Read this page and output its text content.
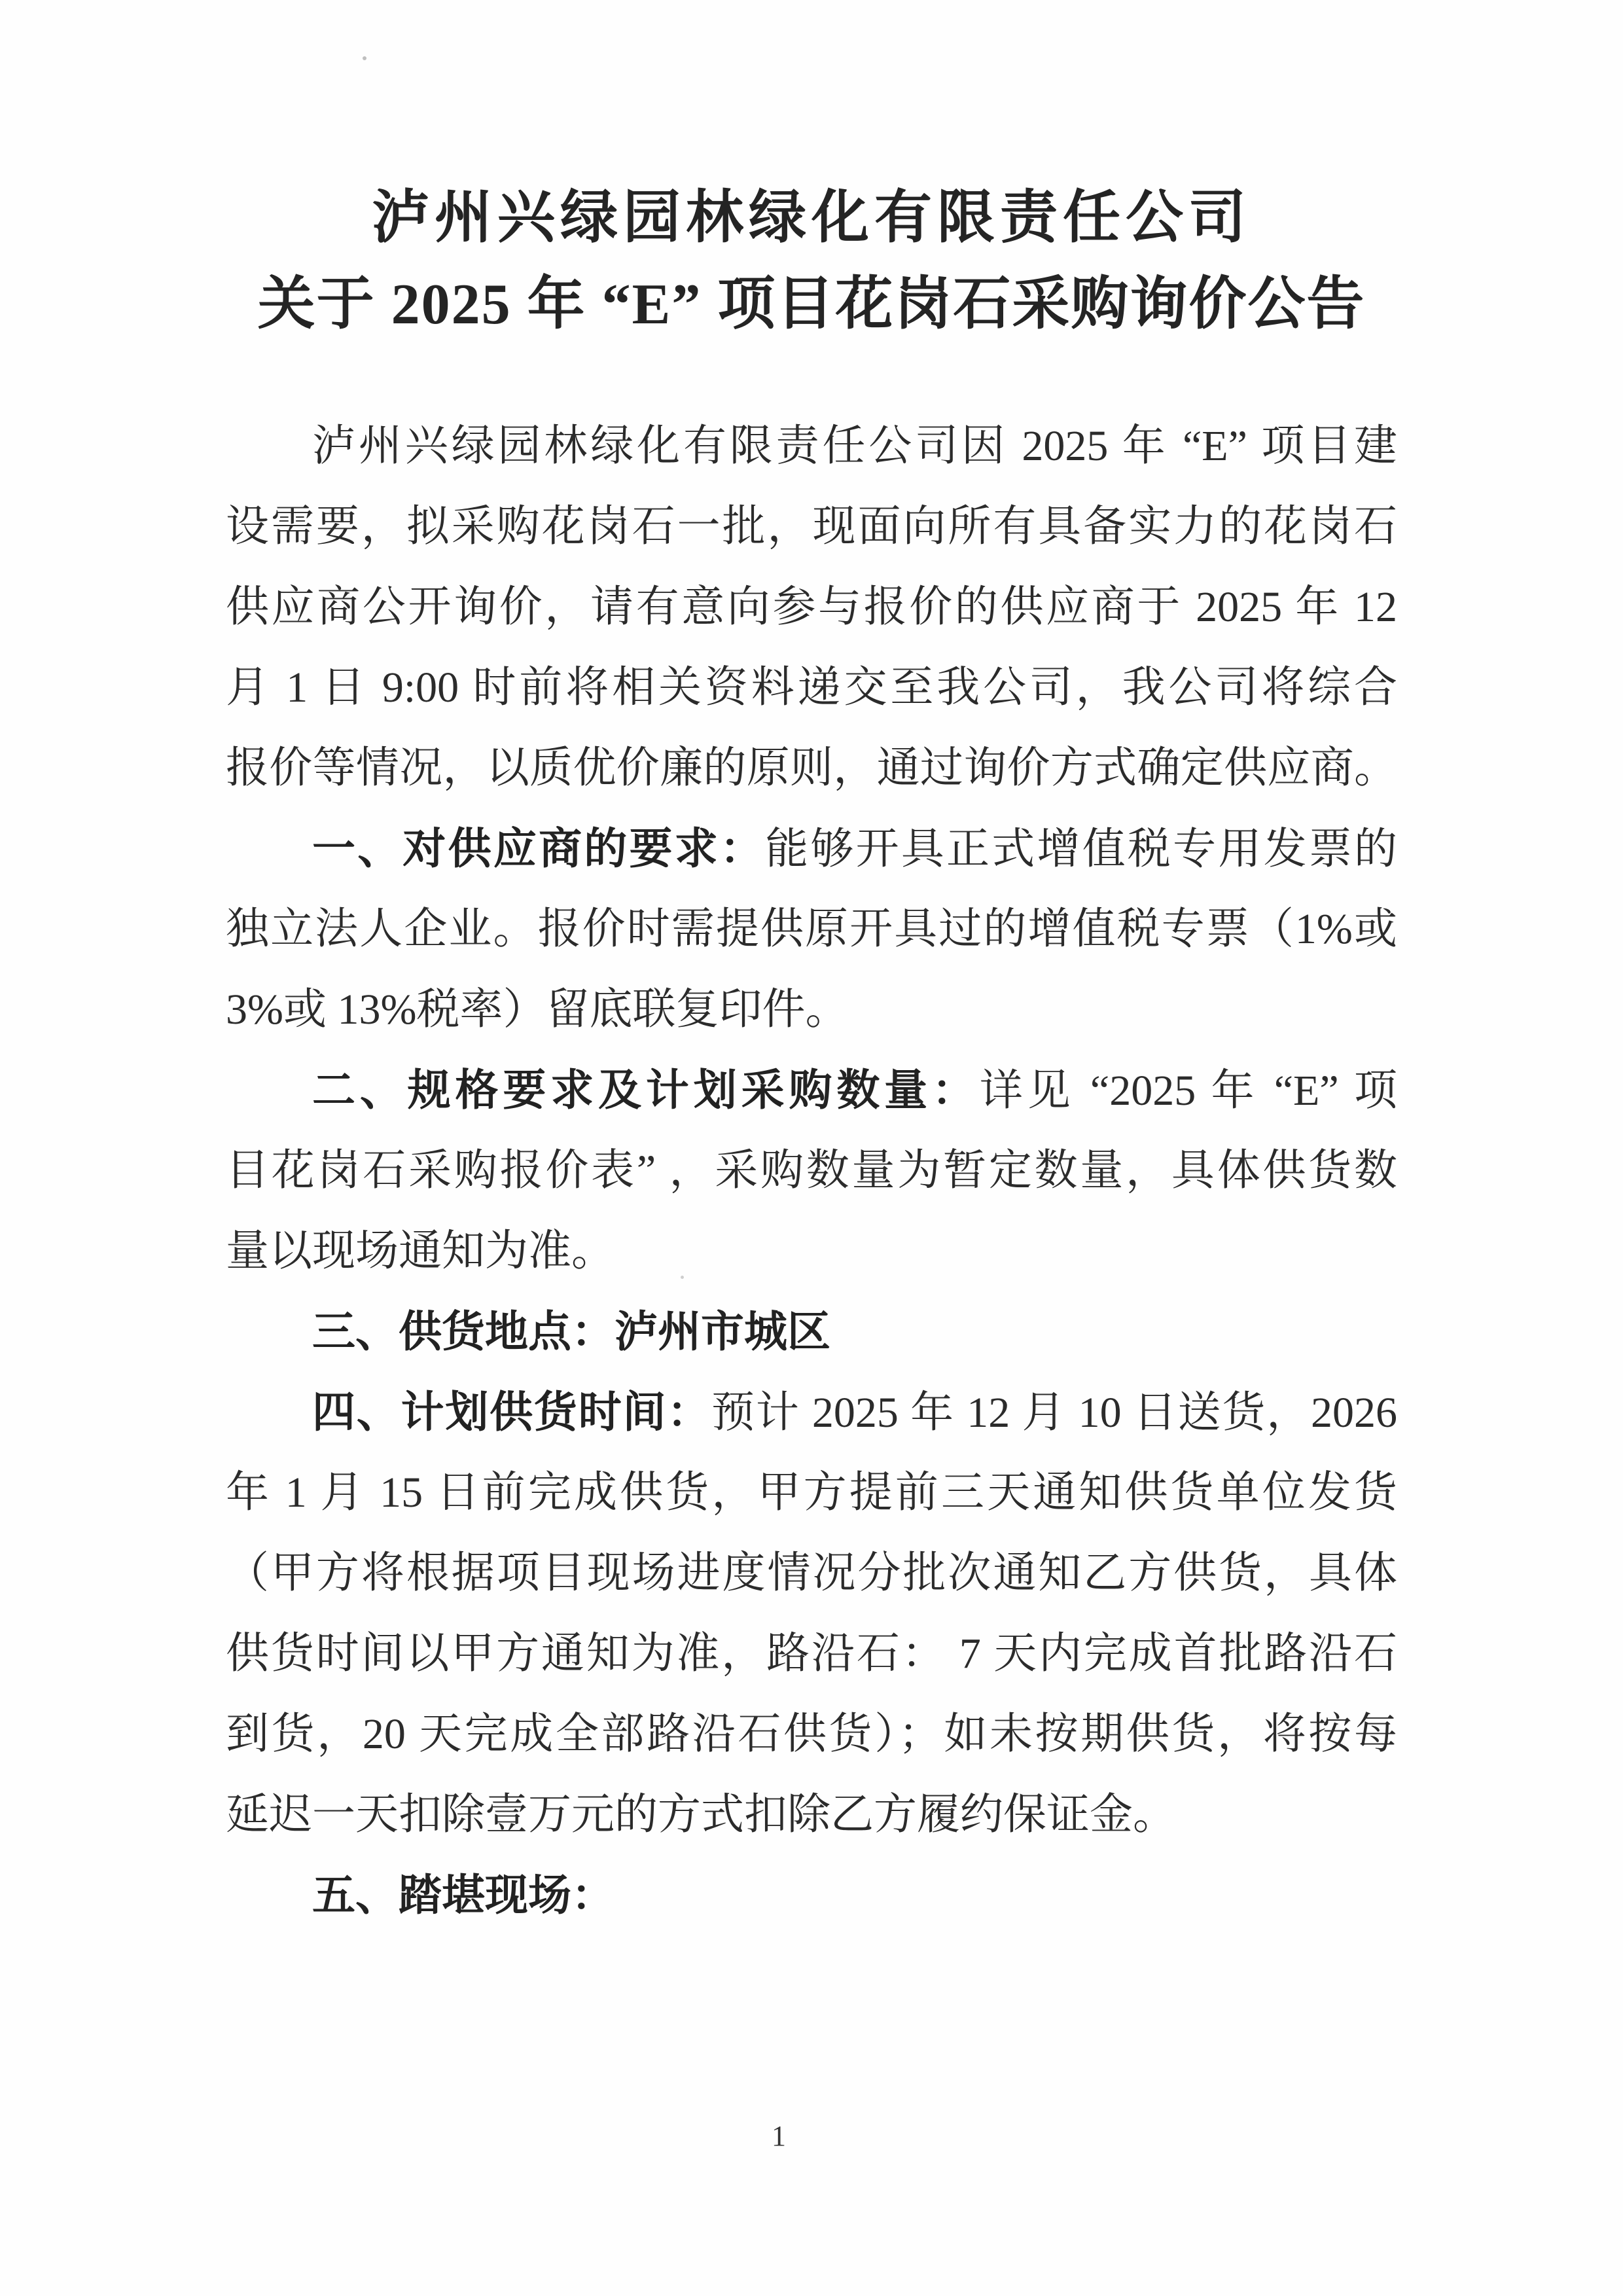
泸州兴绿园林绿化有限责任公司
关于 2025 年 “E” 项目花岗石采购询价公告
泸州兴绿园林绿化有限责任公司因 2025 年 “E” 项目建
设需要，拟采购花岗石一批，现面向所有具备实力的花岗石
供应商公开询价，请有意向参与报价的供应商于 2025 年 12
月 1 日 9:00 时前将相关资料递交至我公司，我公司将综合
报价等情况，以质优价廉的原则，通过询价方式确定供应商。
一、对供应商的要求：能够开具正式增值税专用发票的
独立法人企业。报价时需提供原开具过的增值税专票（1%或
3%或 13%税率）留底联复印件。
二、规格要求及计划采购数量：详见 “2025 年 “E” 项
目花岗石采购报价表” ，采购数量为暂定数量，具体供货数
量以现场通知为准。
三、供货地点：泸州市城区
四、计划供货时间：预计 2025 年 12 月 10 日送货，2026
年 1 月 15 日前完成供货，甲方提前三天通知供货单位发货
（甲方将根据项目现场进度情况分批次通知乙方供货，具体
供货时间以甲方通知为准，路沿石： 7 天内完成首批路沿石
到货，20 天完成全部路沿石供货）；如未按期供货，将按每
延迟一天扣除壹万元的方式扣除乙方履约保证金。
五、踏堪现场：
1
